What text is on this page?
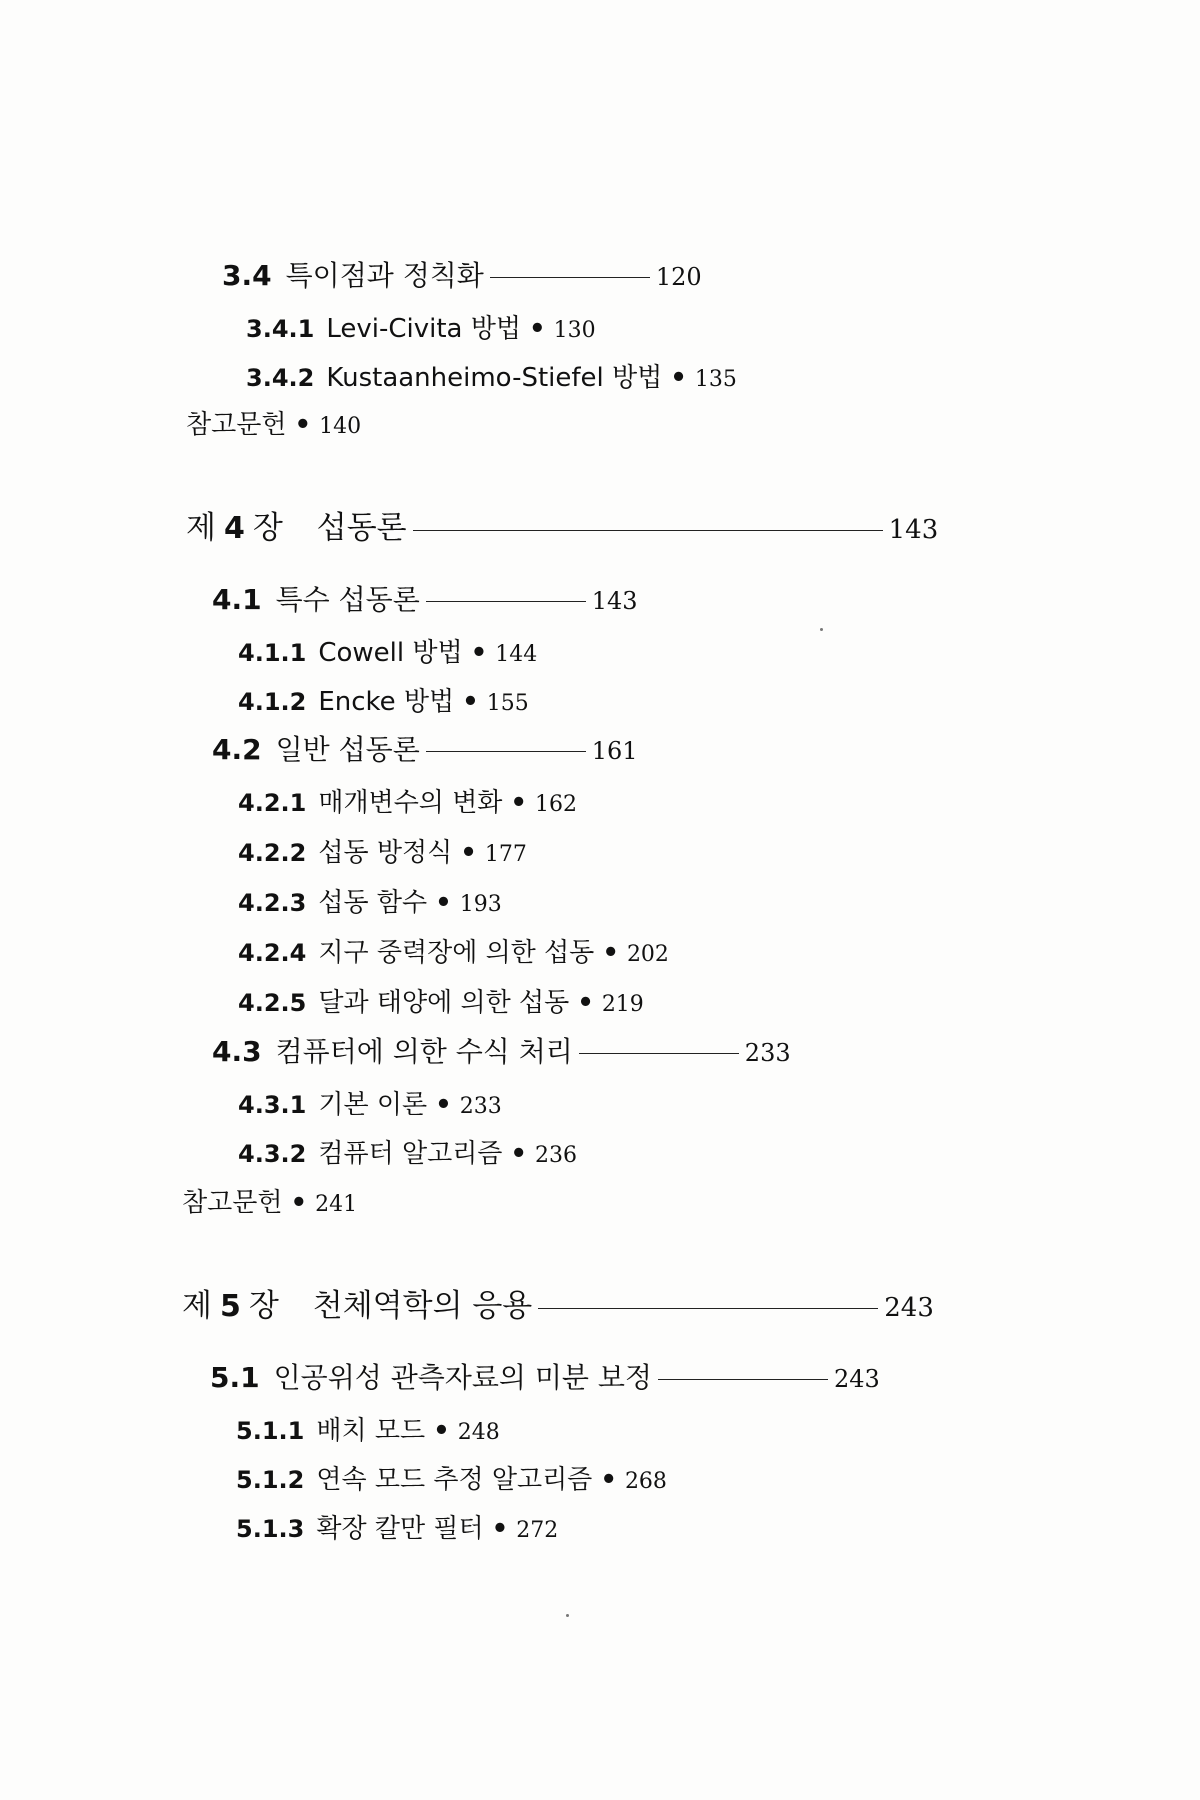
3.4 특이점과 정칙화	120
3.4.1 Levi-Civita 방법 • 130
3.4.2 Kustaanheimo-Stiefel 방법 • 135
참고문헌 • 140
제 4 장 섭동론	143
4.1 특수 섭동론	143
4.1.1 Cowell 방법 • 144
4.1.2 Encke 방법 • 155
4.2 일반 섭동론	161
4.2.1 매개변수의 변화 • 162
4.2.2 섭동 방정식 • 177
4.2.3 섭동 함수 • 193
4.2.4 지구 중력장에 의한 섭동 • 202
4.2.5 달과 태양에 의한 섭동 • 219
4.3 컴퓨터에 의한 수식 처리	233
4.3.1 기본 이론 • 233
4.3.2 컴퓨터 알고리즘 • 236
참고문헌 • 241
제 5 장 천체역학의 응용	243
5.1 인공위성 관측자료의 미분 보정	243
5.1.1 배치 모드 • 248
5.1.2 연속 모드 추정 알고리즘 • 268
5.1.3 확장 칼만 필터 • 272
